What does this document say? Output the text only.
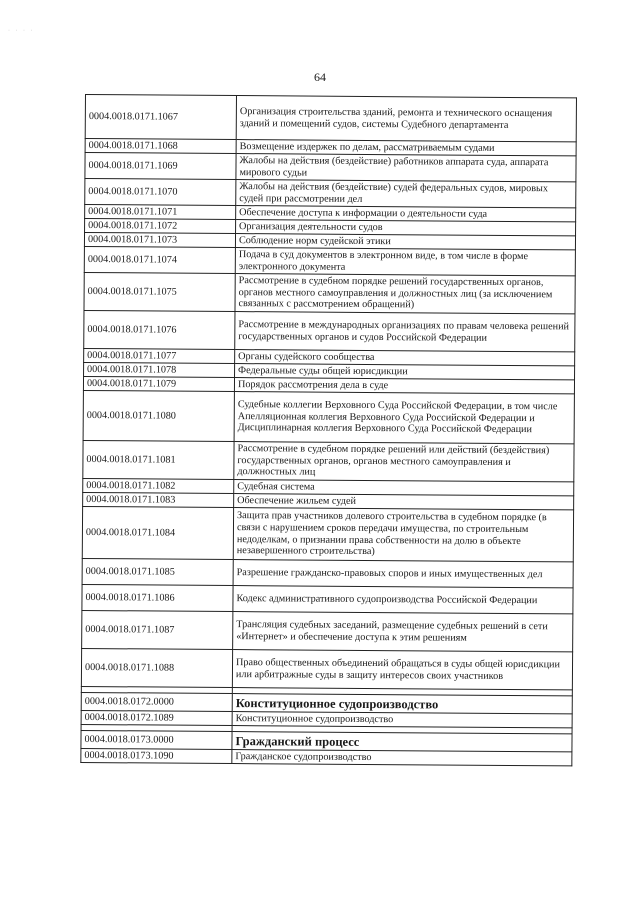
· · · ·
64
0004.0018.0171.1067	Организация строительства зданий, ремонта и технического оснащения зданий и помещений судов, системы Судебного департамента
0004.0018.0171.1068	Возмещение издержек по делам, рассматриваемым судами
0004.0018.0171.1069	Жалобы на действия (бездействие) работников аппарата суда, аппарата мирового судьи
0004.0018.0171.1070	Жалобы на действия (бездействие) судей федеральных судов, мировых судей при рассмотрении дел
0004.0018.0171.1071	Обеспечение доступа к информации о деятельности суда
0004.0018.0171.1072	Организация деятельности судов
0004.0018.0171.1073	Соблюдение норм судейской этики
0004.0018.0171.1074	Подача в суд документов в электронном виде, в том числе в форме электронного документа
0004.0018.0171.1075	Рассмотрение в судебном порядке решений государственных органов, органов местного самоуправления и должностных лиц (за исключением связанных с рассмотрением обращений)
0004.0018.0171.1076	Рассмотрение в международных организациях по правам человека решений государственных органов и судов Российской Федерации
0004.0018.0171.1077	Органы судейского сообщества
0004.0018.0171.1078	Федеральные суды общей юрисдикции
0004.0018.0171.1079	Порядок рассмотрения дела в суде
0004.0018.0171.1080	Судебные коллегии Верховного Суда Российской Федерации, в том числе Апелляционная коллегия Верховного Суда Российской Федерации и Дисциплинарная коллегия Верховного Суда Российской Федерации
0004.0018.0171.1081	Рассмотрение в судебном порядке решений или действий (бездействия) государственных органов, органов местного самоуправления и должностных лиц
0004.0018.0171.1082	Судебная система
0004.0018.0171.1083	Обеспечение жильем судей
0004.0018.0171.1084	Защита прав участников долевого строительства в судебном порядке (в связи с нарушением сроков передачи имущества, по строительным недоделкам, о признании права собственности на долю в объекте незавершенного строительства)
0004.0018.0171.1085	Разрешение гражданско-правовых споров и иных имущественных дел
0004.0018.0171.1086	Кодекс административного судопроизводства Российской Федерации
0004.0018.0171.1087	Трансляция судебных заседаний, размещение судебных решений в сети «Интернет» и обеспечение доступа к этим решениям
0004.0018.0171.1088	Право общественных объединений обращаться в суды общей юрисдикции или арбитражные суды в защиту интересов своих участников

0004.0018.0172.0000	Конституционное судопроизводство
0004.0018.0172.1089	Конституционное судопроизводство

0004.0018.0173.0000	Гражданский процесс
0004.0018.0173.1090	Гражданское судопроизводство
